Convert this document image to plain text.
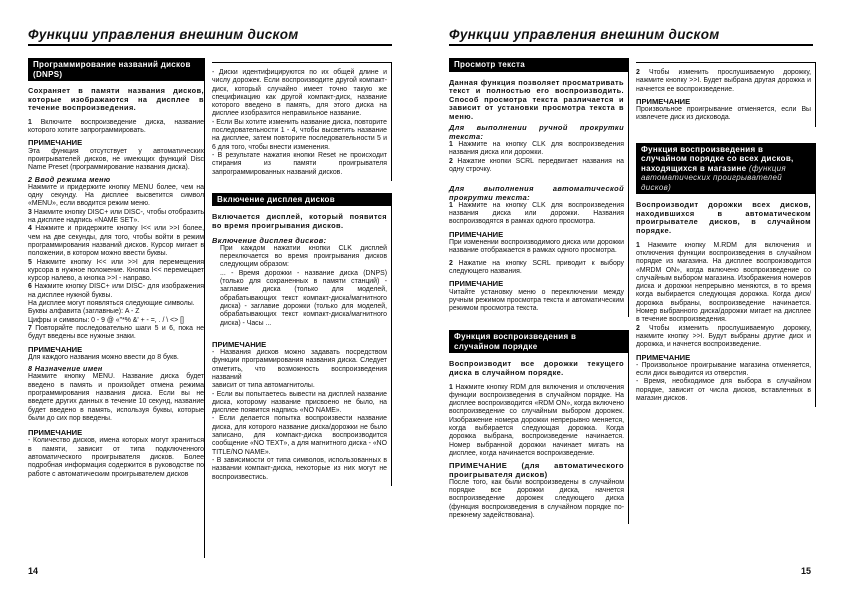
Функции управления внешним диском
Программирование названий дисков (DNPS)

Сохраняет в памяти названия дисков, которые изображаются на дисплее в течение воспроизведения.

1 Включите воспроизведение диска, название которого хотите запрограммировать.

ПРИМЕЧАНИЕ

Эта функция отсутствует у автоматических проигрывателей дисков, не имеющих функций Disc Name Preset (программирование названия диска).

2 Ввод режима меню

Нажмите и придержите кнопку MENU более, чем на одну секунду. На дисплее высветится символ «MENU», если вводится режим меню.

3 Нажмите кнопку DISC+ или DISC-, чтобы отобразить на дисплее надпись «NAME SET».

4 Нажмите и придержите кнопку I<< или >>I более, чем на две секунды, для того, чтобы войти в режим программирования названий дисков. Курсор мигает в положении, в котором можно ввести буквы.

5 Нажмите кнопку I<< или >>I для перемещения курсора в нужное положение. Кнопка I<< перемещает курсор налево, а кнопка >>I - направо.

6 Нажмите кнопку DISC+ или DISC- для изображения на дисплее нужной буквы.

На дисплее могут появляться следующие символы.

Буквы алфавита (заглавные): A - Z

Цифры и символы: 0 - 9 @ «"*% &' + - =, . / \ <> []

7 Повторяйте последовательно шаги 5 и 6, пока не будут введены все нужные знаки.

ПРИМЕЧАНИЕ

Для каждого названия можно ввести до 8 букв.

8 Назначение имен

Нажмите кнопку MENU. Название диска будет введено в память и произойдет отмена режима программирования названия диска. Если вы не введете других данных в течение 10 секунд, название будет введено в память, используя буквы, которые были до сих пор введены.

ПРИМЕЧАНИЕ

- Количество дисков, имена которых могут храниться в памяти, зависит от типа подключенного автоматического проигрывателя дисков. Более подробная информация содержится в руководстве по работе с автоматическим проигрывателем дисков

- Диски идентифицируются по их общей длине и числу дорожек. Если воспроизводите другой компакт-диск, который случайно имеет точно такую же спецификацию как другой компакт-диск, название которого введено в память, для этого диска на дисплее изобразится неправильное название.

- Если Вы хотите изменить название диска, повторите последовательности 1 - 4, чтобы высветить название на дисплее, затем повторите последовательности 5 и 6 для того, чтобы внести изменения.

- В результате нажатия кнопки Reset не происходит стирания из памяти проигрывателя запрограммированных названий дисков.

Включение дисплея дисков

Включается дисплей, который появится во время проигрывания дисков.

Включение дисплея дисков:

При каждом нажатии кнопки CLK дисплей переключается во время проигрывания дисков следующим образом:

... - Время дорожки - название диска (DNPS) (только для сохраненных в памяти станций) - заглавие диска (только для моделей, обрабатывающих текст компакт-диска/магнитного диска) - заглавие дорожки (только для моделей, обрабатывающих текст компакт-диска/магнитного диска) - Часы ...

ПРИМЕЧАНИЕ

- Названия дисков можно задавать посредством функции программирования названия диска. Следует отметить, что возможность воспроизведения названий

зависит от типа автомагнитолы.

- Если вы попытаетесь вывести на дисплей название диска, которому название присвоено не было, на дисплее появится надпись «NO NAME».

- Если делается попытка воспроизвести название диска, для которого название диска/дорожки не было записано, для компакт-диска воспроизводится сообщение «NO TEXT», а для магнитного диска - «NO TITLE/NO NAME».

- В зависимости от типа символов, использованных в названии компакт-диска, некоторые из них могут не воспроизвестись.

14
Функции управления внешним диском
Просмотр текста

Данная функция позволяет просматривать текст и полностью его воспроизводить. Способ просмотра текста различается и зависит от установки просмотра текста в меню.

Для выполнении ручной прокрутки текста:

1 Нажмите на кнопку CLK для воспроизведения названия диска или дорожки.

2 Нажатие кнопки SCRL передвигает названия на одну строчку.

Для выполнения автоматической прокрутки текста:

1 Нажмите на кнопку CLK для воспроизведения названия диска или дорожки. Названия воспроизводятся в рамках одного просмотра.

ПРИМЕЧАНИЕ

При изменении воспроизводимого диска или дорожки название отображается в рамках одного просмотра.

2 Нажатие на кнопку SCRL приводит к выбору следующего названия.

ПРИМЕЧАНИЕ

Читайте установку меню о переключении между ручным режимом просмотра текста и автоматическим режимом просмотра текста.

Функция воспроизведения в случайном порядке

Воспроизводит все дорожки текущего диска в случайном порядке.

1 Нажмите кнопку RDM для включения и отключения функции воспроизведения в случайном порядке. На дисплее воспроизводится «RDM ON», когда включено воспроизведение со случайным выбором дорожек. Изображение номера дорожки непрерывно меняется, когда выбирается следующая дорожка. Когда дорожка выбрана, воспроизведение начинается. Номер выбранной дорожки начинает мигать на дисплее, когда начинается воспроизведение.

ПРИМЕЧАНИЕ (для автоматического проигрывателя дисков)

После того, как были воспроизведены в случайном порядке все дорожки диска, начнется воспроизведение дорожек следующего диска (функция воспроизведения в случайном порядке по-прежнему задействована).

2 Чтобы изменить прослушиваемую дорожку, нажмите кнопку >>I. Будет выбрана другая дорожка и начнется ее воспроизведение.

ПРИМЕЧАНИЕ

Произвольное проигрывание отменяется, если Вы извлечете диск из дисковода.

Функция воспроизведения в случайном порядке со всех дисков, находящихся в магазине (функция автоматических проигрывателей дисков)

Воспроизводит дорожки всех дисков, находившихся в автоматическом проигрывателе дисков, в случайном порядке.

1 Нажмите кнопку M.RDM для включения и отключения функции воспроизведения в случайном порядке из магазина. На дисплее воспроизводится «MRDM ON», когда включено воспроизведение со случайным выбором магазина. Изображения номеров диска и дорожки непрерывно меняются, в то время когда выбирается следующая дорожка. Когда диск/дорожка выбраны, воспроизведение начинается. Номер выбранного диска/дорожки мигает на дисплее в течение воспроизведения.

2 Чтобы изменить прослушиваемую дорожку, нажмите кнопку >>I. Будут выбраны другие диск и дорожка, и начнется воспроизведение.

ПРИМЕЧАНИЕ

- Произвольное проигрывание магазина отменяется, если диск выводится из отверстия.

- Время, необходимое для выбора в случайном порядке, зависит от числа дисков, вставленных в магазин дисков.

15
